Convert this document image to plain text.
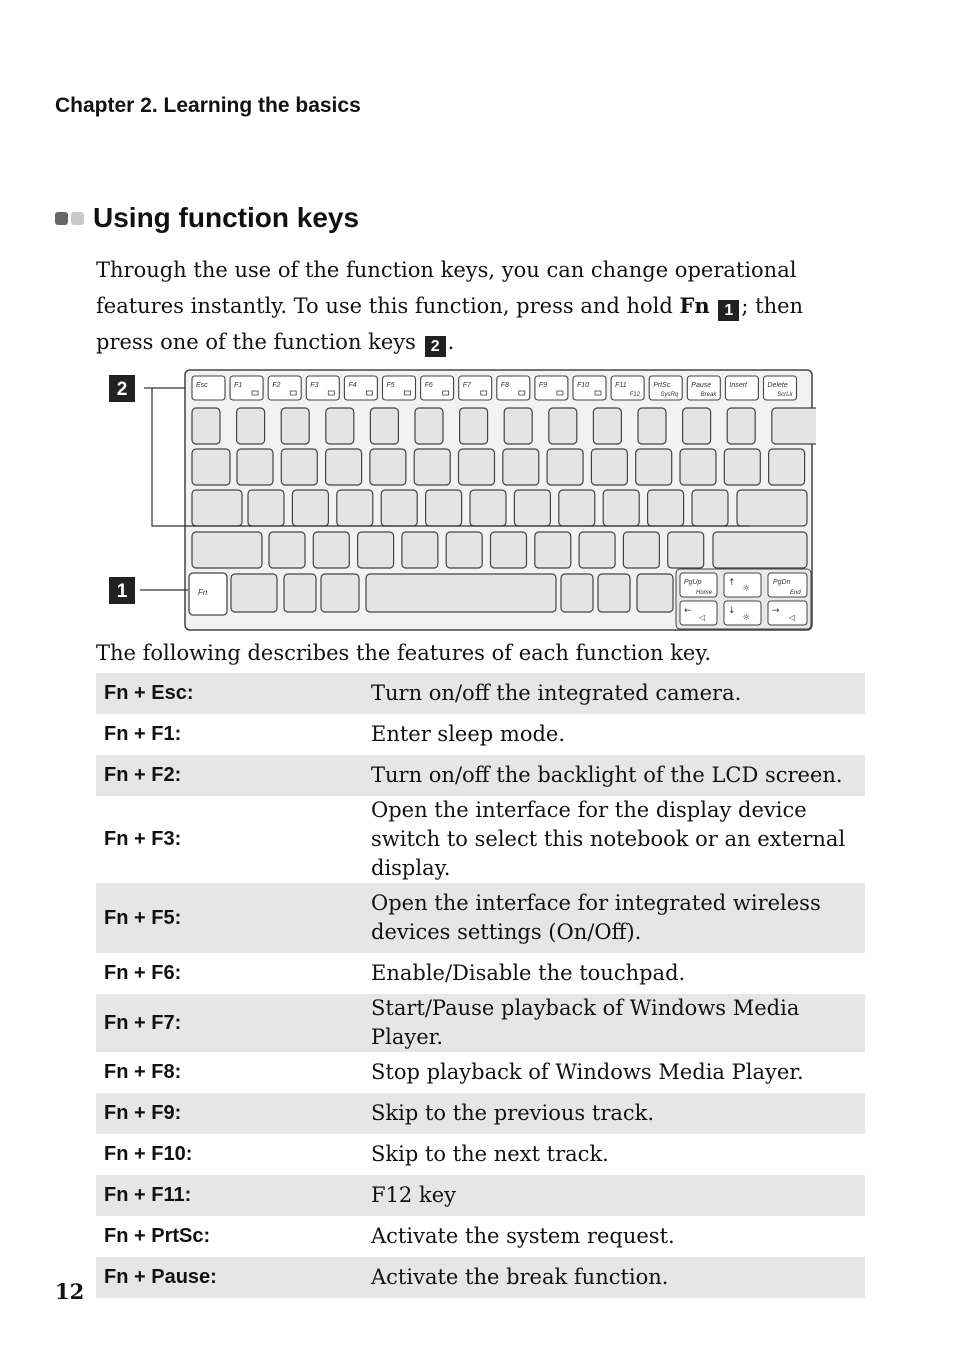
Chapter 2. Learning the basics
Using function keys
Through the use of the function keys, you can change operational features instantly. To use this function, press and hold Fn 1 ; then press one of the function keys 2 .
Esc	F1	F2	F3	F4	F5	F6	F7	F8	F9	F10	F11
F12
PrtSc
SysRq
Pause
Break
Insert	Delete
ScrLk
Fn
PgUp
Home
↑
☼
PgDn
End
←
◁
↓
☼
→
◁
2
1
The following describes the features of each function key.
Fn + Esc:	Turn on/off the integrated camera.
Fn + F1:	Enter sleep mode.
Fn + F2:	Turn on/off the backlight of the LCD screen.
Fn + F3:	Open the interface for the display device switch to select this notebook or an external display.
Fn + F5:	Open the interface for integrated wireless devices settings (On/Off).
Fn + F6:	Enable/Disable the touchpad.
Fn + F7:	Start/Pause playback of Windows Media Player.
Fn + F8:	Stop playback of Windows Media Player.
Fn + F9:	Skip to the previous track.
Fn + F10:	Skip to the next track.
Fn + F11:	F12 key
Fn + PrtSc:	Activate the system request.
Fn + Pause:	Activate the break function.
12
